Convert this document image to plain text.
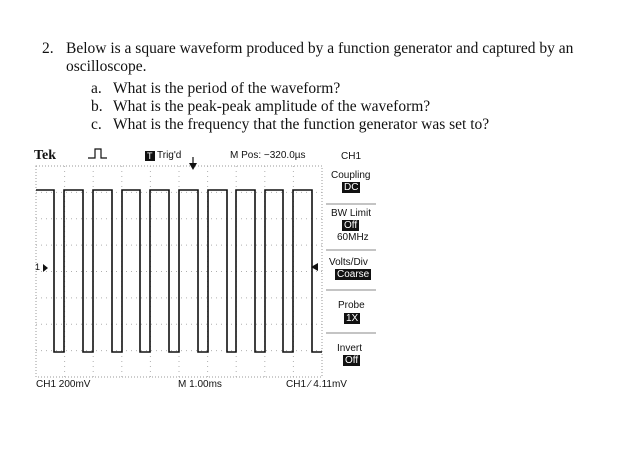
2. Below is a square waveform produced by a function generator and captured by an
oscilloscope.
a. What is the period of the waveform?
b. What is the peak-peak amplitude of the waveform?
c. What is the frequency that the function generator was set to?
Tek	T Trig'd	M Pos: −320.0µs	CH1
1
Coupling
DC
BW Limit
Off
60MHz
Volts/Div
Coarse
Probe
1X
Invert
Off
CH1 200mV	M 1.00ms	CH1 ∕ 4.11mV
